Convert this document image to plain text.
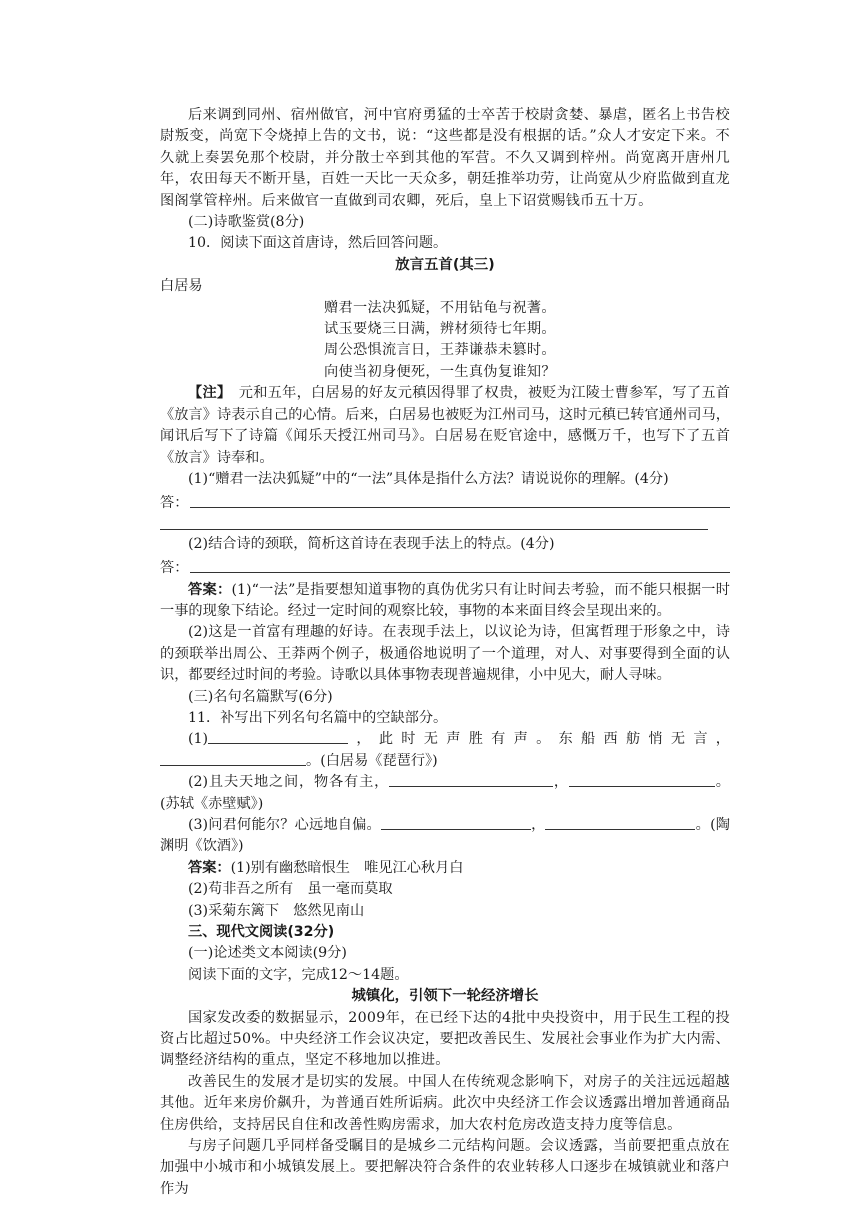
后来调到同州、宿州做官，河中官府勇猛的士卒苦于校尉贪婪、暴虐，匿名上书告校尉叛变，尚宽下令烧掉上告的文书，说：“这些都是没有根据的话。”众人才安定下来。不久就上奏罢免那个校尉，并分散士卒到其他的军营。不久又调到梓州。尚宽离开唐州几年，农田每天不断开垦，百姓一天比一天众多，朝廷推举功劳，让尚宽从少府监做到直龙图阁掌管梓州。后来做官一直做到司农卿，死后，皇上下诏赏赐钱币五十万。

(二)诗歌鉴赏(8分)

10．阅读下面这首唐诗，然后回答问题。

放言五首(其三)

白居易

赠君一法决狐疑，不用钻龟与祝蓍。

试玉要烧三日满，辨材须待七年期。

周公恐惧流言日，王莽谦恭未篡时。

向使当初身便死，一生真伪复谁知？

【注】　 元和五年，白居易的好友元稹因得罪了权贵，被贬为江陵士曹参军，写了五首《放言》诗表示自己的心情。后来，白居易也被贬为江州司马，这时元稹已转官通州司马，闻讯后写下了诗篇《闻乐天授江州司马》。白居易在贬官途中，感慨万千，也写下了五首《放言》诗奉和。

(1)“赠君一法决狐疑”中的“一法”具体是指什么方法？请说说你的理解。(4分)

答：

(2)结合诗的颈联，简析这首诗在表现手法上的特点。(4分)

答：

答案：(1)“一法”是指要想知道事物的真伪优劣只有让时间去考验，而不能只根据一时一事的现象下结论。经过一定时间的观察比较，事物的本来面目终会呈现出来的。

(2)这是一首富有理趣的好诗。在表现手法上，以议论为诗，但寓哲理于形象之中，诗的颈联举出周公、王莽两个例子，极通俗地说明了一个道理，对人、对事要得到全面的认识，都要经过时间的考验。诗歌以具体事物表现普遍规律，小中见大，耐人寻味。

(三)名句名篇默写(6分)

11．补写出下列名句名篇中的空缺部分。

(1)	，此时无声胜有声。东船西舫悄无言，。(白居易《琵琶行》)

(2)且夫天地之间，物各有主，	，	。(苏轼《赤壁赋》)

(3)问君何能尔？心远地自偏。	，	。(陶渊明《饮酒》)

答案：(1)别有幽愁暗恨生　唯见江心秋月白

(2)苟非吾之所有　虽一毫而莫取

(3)采菊东篱下　悠然见南山

三、现代文阅读(32分)

(一)论述类文本阅读(9分)

阅读下面的文字，完成12～14题。

城镇化，引领下一轮经济增长

国家发改委的数据显示，2009年，在已经下达的4批中央投资中，用于民生工程的投资占比超过50%。中央经济工作会议决定，要把改善民生、发展社会事业作为扩大内需、调整经济结构的重点，坚定不移地加以推进。

改善民生的发展才是切实的发展。中国人在传统观念影响下，对房子的关注远远超越其他。近年来房价飙升，为普通百姓所诟病。此次中央经济工作会议透露出增加普通商品住房供给，支持居民自住和改善性购房需求，加大农村危房改造支持力度等信息。

与房子问题几乎同样备受瞩目的是城乡二元结构问题。会议透露，当前要把重点放在加强中小城市和小城镇发展上。要把解决符合条件的农业转移人口逐步在城镇就业和落户作为
